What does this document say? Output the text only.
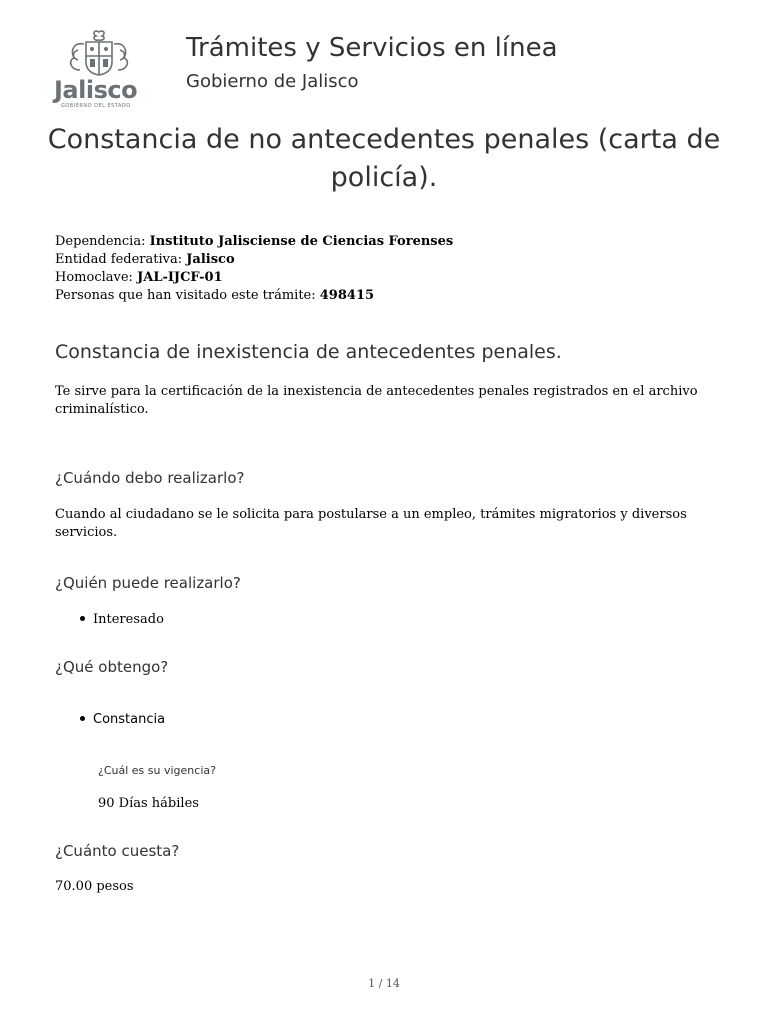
Jalisco
GOBIERNO DEL ESTADO
Trámites y Servicios en línea
Gobierno de Jalisco
Constancia de no antecedentes penales (carta de policía).
Dependencia: Instituto Jalisciense de Ciencias Forenses
Entidad federativa: Jalisco
Homoclave: JAL-IJCF-01
Personas que han visitado este trámite: 498415
Constancia de inexistencia de antecedentes penales.
Te sirve para la certificación de la inexistencia de antecedentes penales registrados en el archivo criminalístico.
¿Cuándo debo realizarlo?
Cuando al ciudadano se le solicita para postularse a un empleo, trámites migratorios y diversos servicios.
¿Quién puede realizarlo?
Interesado
¿Qué obtengo?
Constancia
¿Cuál es su vigencia?
90 Días hábiles
¿Cuánto cuesta?
70.00 pesos
1 / 14
